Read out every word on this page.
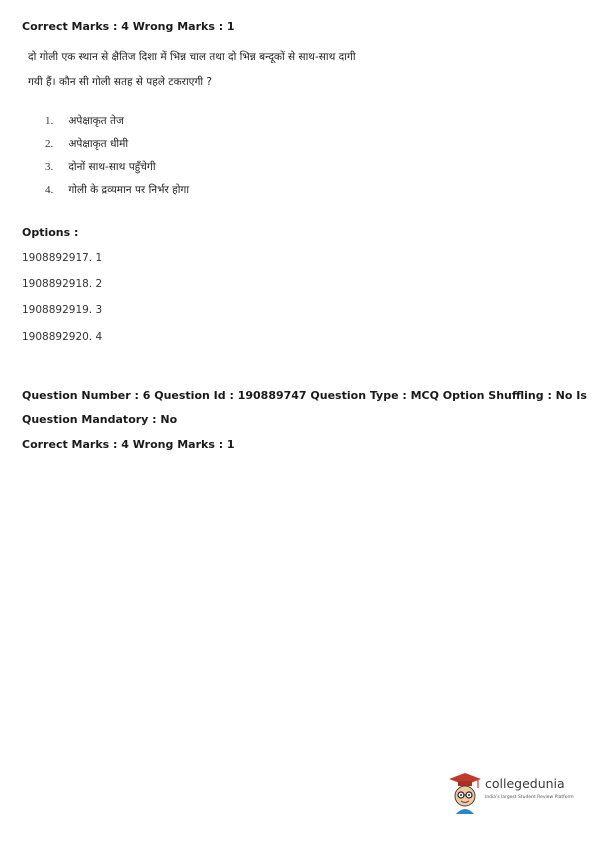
Correct Marks : 4 Wrong Marks : 1
दो गोली एक स्थान से क्षैतिज दिशा में भिन्न चाल तथा दो भिन्न बन्दूकों से साथ-साथ दागी
गयी हैं। कौन सी गोली सतह से पहले टकराएगी ?
1. अपेक्षाकृत तेज
2. अपेक्षाकृत धीमी
3. दोनों साथ-साथ पहुँचेगी
4. गोली के द्रव्यमान पर निर्भर होगा
Options :
1908892917. 1
1908892918. 2
1908892919. 3
1908892920. 4
Question Number : 6 Question Id : 190889747 Question Type : MCQ Option Shuffling : No Is
Question Mandatory : No
Correct Marks : 4 Wrong Marks : 1
collegedunia
India's largest Student Review Platform
